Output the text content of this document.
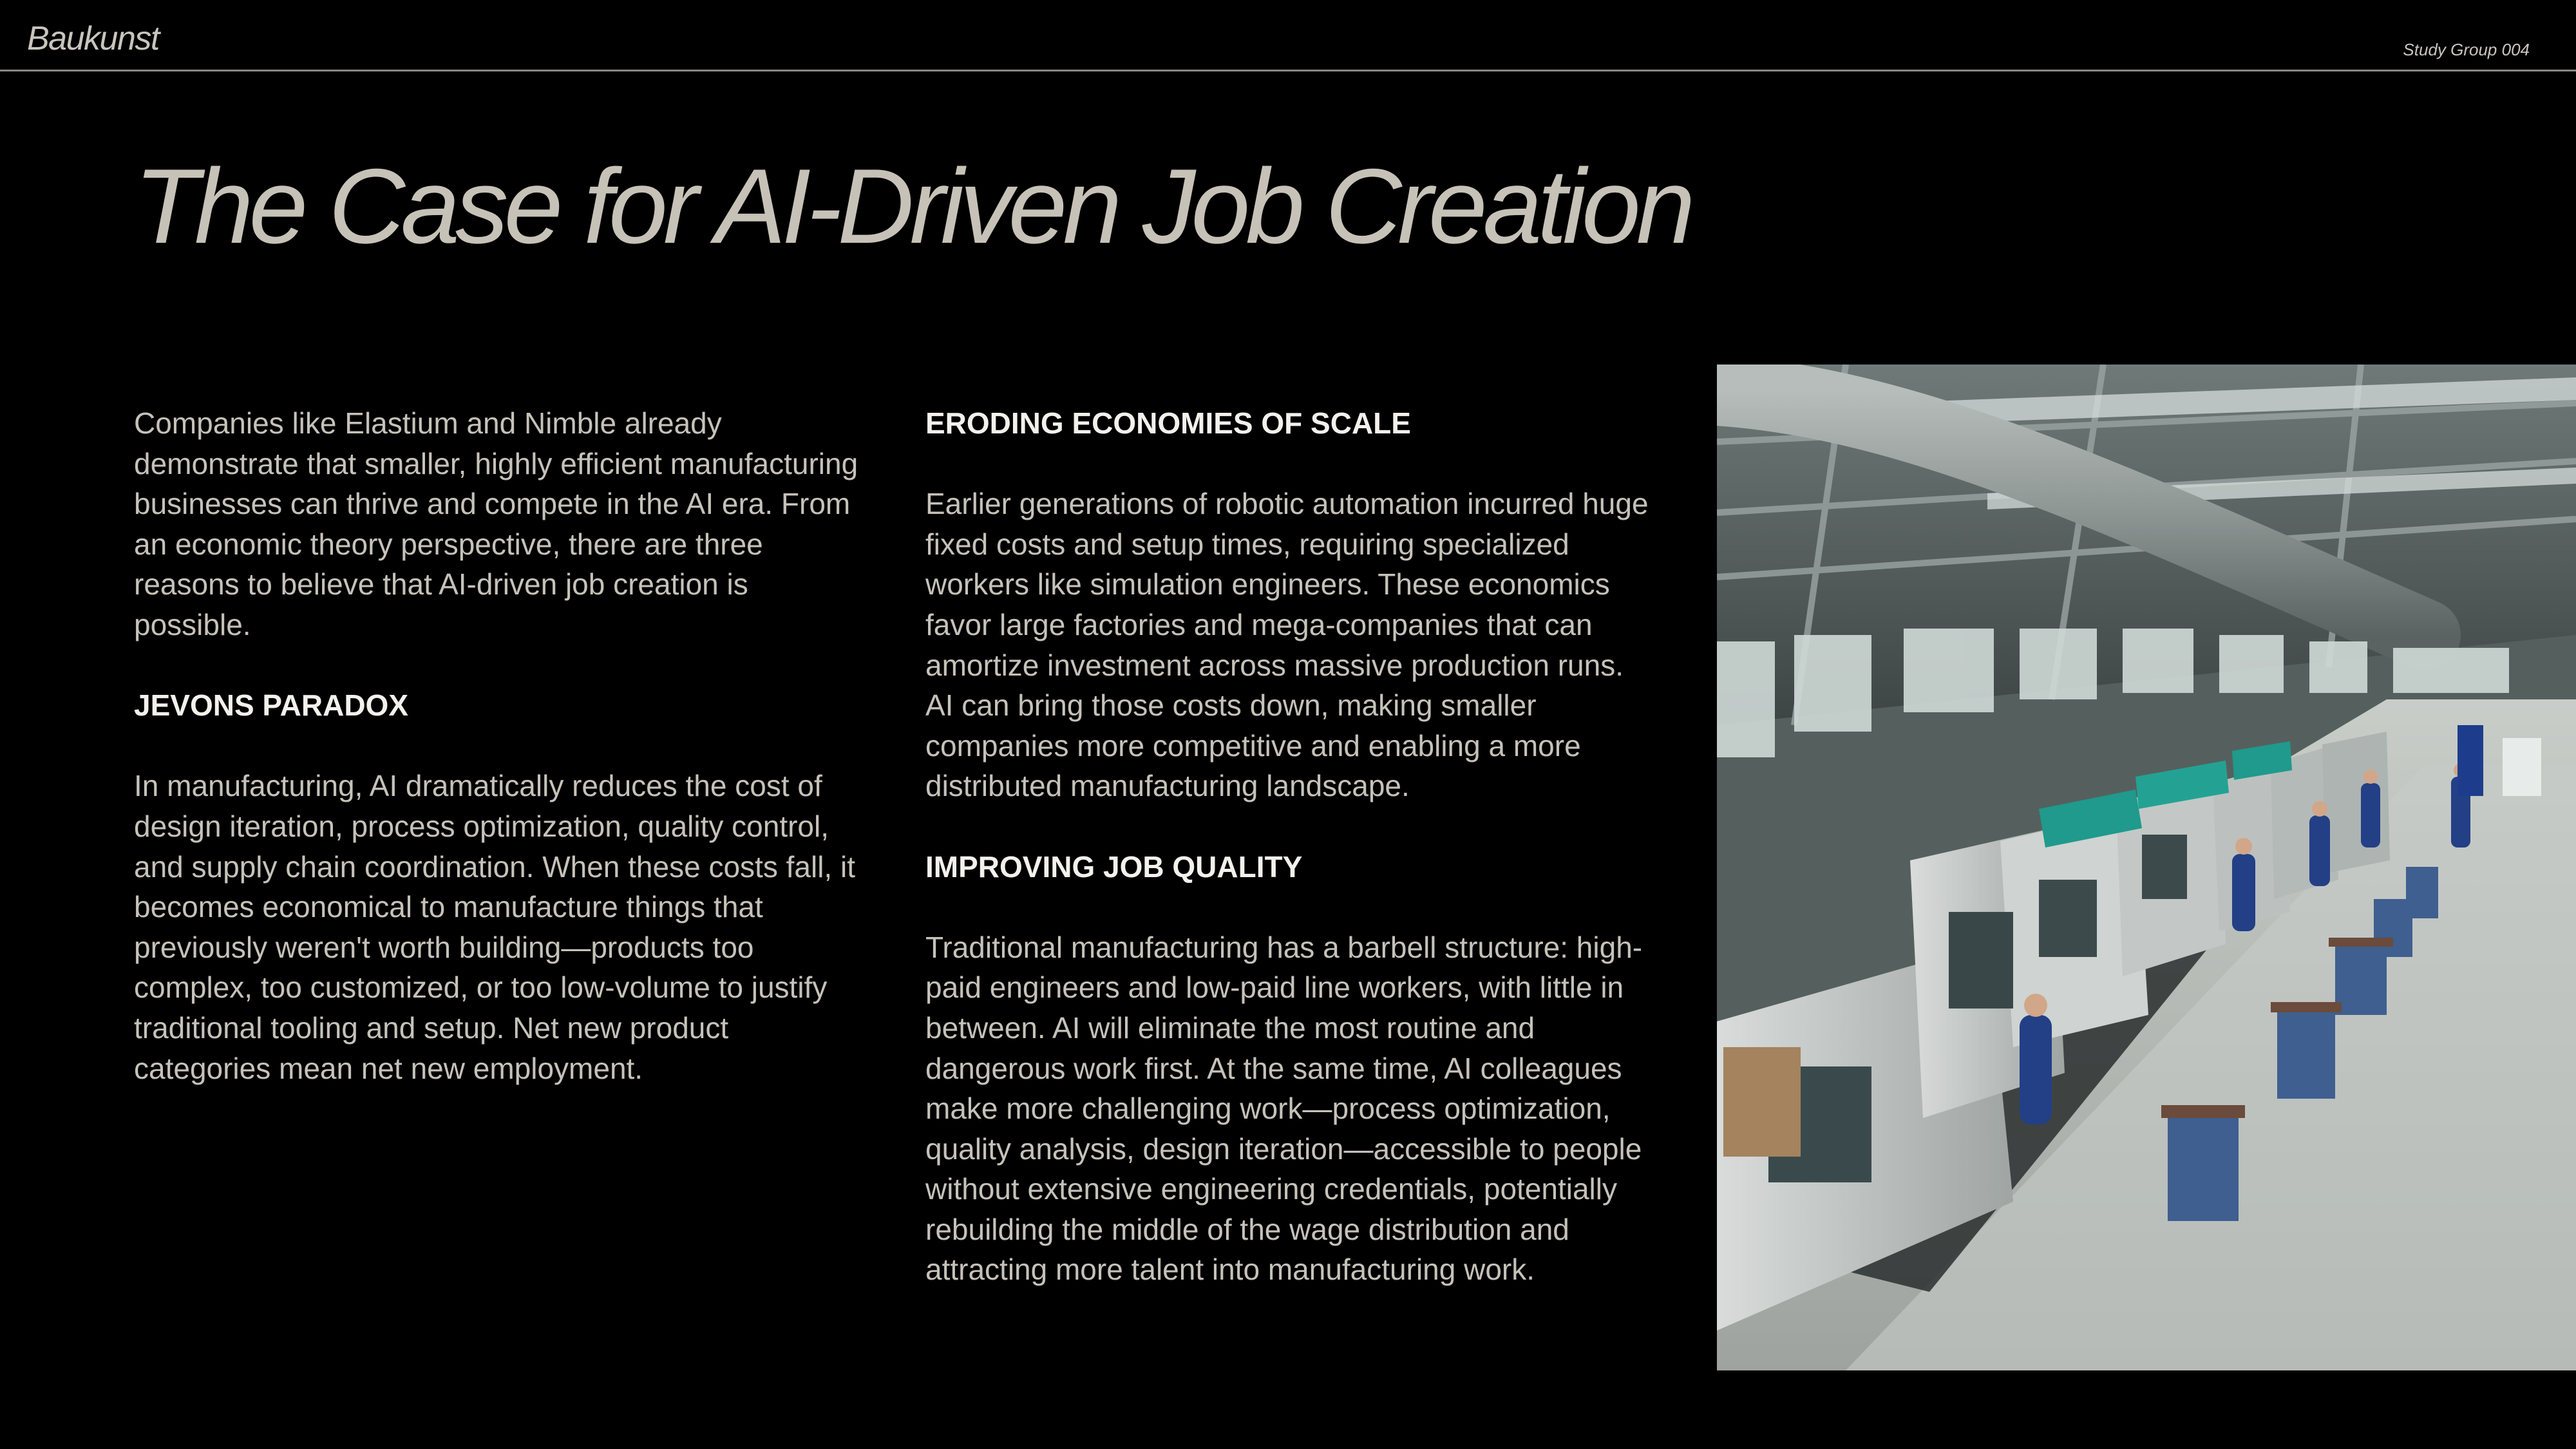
Baukunst	Study Group 004
The Case for AI-Driven Job Creation

Companies like Elastium and Nimble already demonstrate that smaller, highly efficient manufacturing businesses can thrive and compete in the AI era. From an economic theory perspective, there are three reasons to believe that AI-driven job creation is possible.

JEVONS PARADOX

In manufacturing, AI dramatically reduces the cost of design iteration, process optimization, quality control, and supply chain coordination. When these costs fall, it becomes economical to manufacture things that previously weren't worth building—products too complex, too customized, or too low-volume to justify traditional tooling and setup. Net new product categories mean net new employment.

ERODING ECONOMIES OF SCALE

Earlier generations of robotic automation incurred huge fixed costs and setup times, requiring specialized workers like simulation engineers. These economics favor large factories and mega-companies that can amortize investment across massive production runs. AI can bring those costs down, making smaller companies more competitive and enabling a more distributed manufacturing landscape.

IMPROVING JOB QUALITY

Traditional manufacturing has a barbell structure: high-paid engineers and low-paid line workers, with little in between. AI will eliminate the most routine and dangerous work first. At the same time, AI colleagues make more challenging work—process optimization, quality analysis, design iteration—accessible to people without extensive engineering credentials, potentially rebuilding the middle of the wage distribution and attracting more talent into manufacturing work.
